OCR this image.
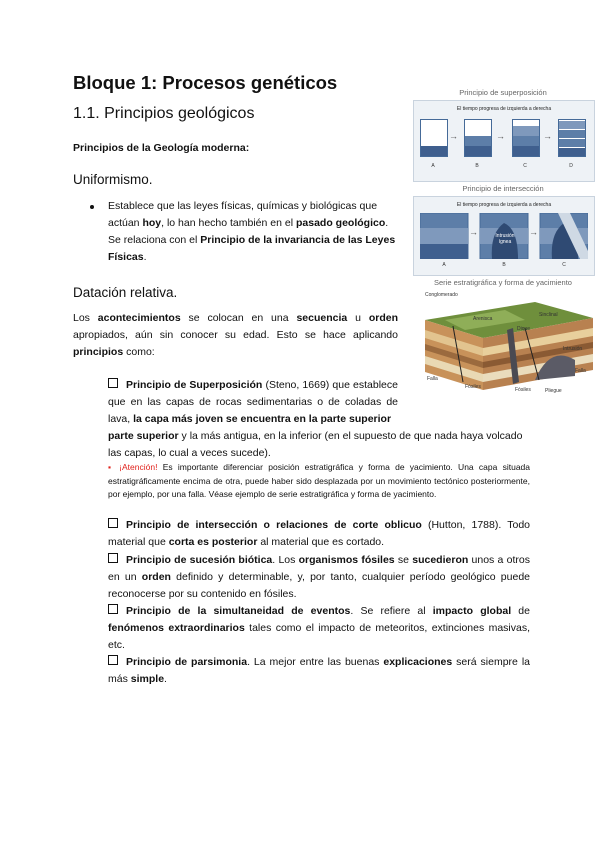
Bloque 1: Procesos genéticos
1.1. Principios geológicos
Principios de la Geología moderna:
Uniformismo.
Establece que las leyes físicas, químicas y biológicas que actúan hoy, lo han hecho también en el pasado geológico. Se relaciona con el Principio de la invariancia de las Leyes Físicas.
Datación relativa.
Los acontecimientos se colocan en una secuencia u orden apropiados, aún sin conocer su edad. Esto se hace aplicando principios como:
Principio de Superposición (Steno, 1669) que establece que en las capas de rocas sedimentarias o de coladas de lava, la capa más joven se encuentra en la parte superior
parte superior y la más antigua, en la inferior (en el supuesto de que nada haya volcado las capas, lo cual a veces sucede).
▪ ¡Atención! Es importante diferenciar posición estratigráfica y forma de yacimiento. Una capa situada estratigráficamente encima de otra, puede haber sido desplazada por un movimiento tectónico posteriormente, por ejemplo, por una falla. Véase ejemplo de serie estratigráfica y forma de yacimiento.
Principio de intersección o relaciones de corte oblicuo (Hutton, 1788). Todo material que corta es posterior al material que es cortado.
Principio de sucesión biótica. Los organismos fósiles se sucedieron unos a otros en un orden definido y determinable, y, por tanto, cualquier período geológico puede reconocerse por su contenido en fósiles.
Principio de la simultaneidad de eventos. Se refiere al impacto global de fenómenos extraordinarios tales como el impacto de meteoritos, extinciones masivas, etc.
Principio de parsimonia. La mejor entre las buenas explicaciones será siempre la más simple.
Principio de superposición
El tiempo progresa de izquierda a derecha
→	→	→
A	B	C	D
Principio de intersección
El tiempo progresa de izquierda a derecha
→	→
Intrusión ígnea
A	B	C
Serie estratigráfica y forma de yacimiento
Conglomerado
Arenisca
Sinclinal
Dique
Intrusión
Falla
Fósiles
Falla
Fósiles	Pliegue
